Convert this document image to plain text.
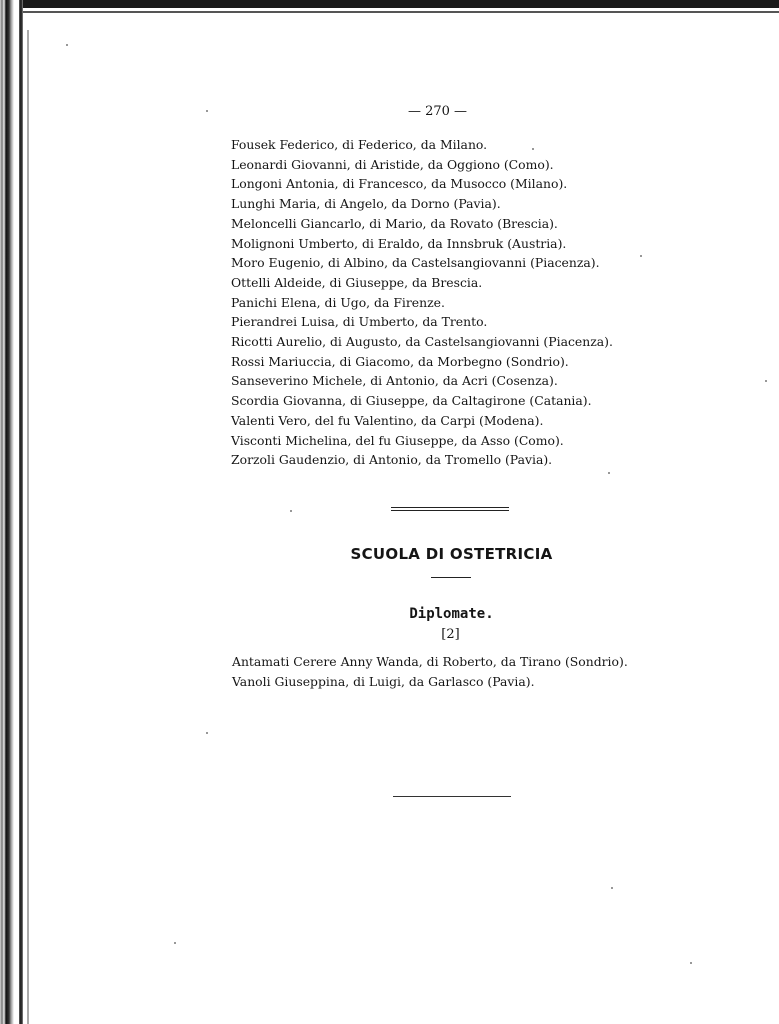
— 270 —
Fousek Federico, di Federico, da Milano.
Leonardi Giovanni, di Aristide, da Oggiono (Como).
Longoni Antonia, di Francesco, da Musocco (Milano).
Lunghi Maria, di Angelo, da Dorno (Pavia).
Meloncelli Giancarlo, di Mario, da Rovato (Brescia).
Molignoni Umberto, di Eraldo, da Innsbruk (Austria).
Moro Eugenio, di Albino, da Castelsangiovanni (Piacenza).
Ottelli Aldeide, di Giuseppe, da Brescia.
Panichi Elena, di Ugo, da Firenze.
Pierandrei Luisa, di Umberto, da Trento.
Ricotti Aurelio, di Augusto, da Castelsangiovanni (Piacenza).
Rossi Mariuccia, di Giacomo, da Morbegno (Sondrio).
Sanseverino Michele, di Antonio, da Acri (Cosenza).
Scordia Giovanna, di Giuseppe, da Caltagirone (Catania).
Valenti Vero, del fu Valentino, da Carpi (Modena).
Visconti Michelina, del fu Giuseppe, da Asso (Como).
Zorzoli Gaudenzio, di Antonio, da Tromello (Pavia).
SCUOLA DI OSTETRICIA
Diplomate.
[2]
Antamati Cerere Anny Wanda, di Roberto, da Tirano (Sondrio).
Vanoli Giuseppina, di Luigi, da Garlasco (Pavia).
